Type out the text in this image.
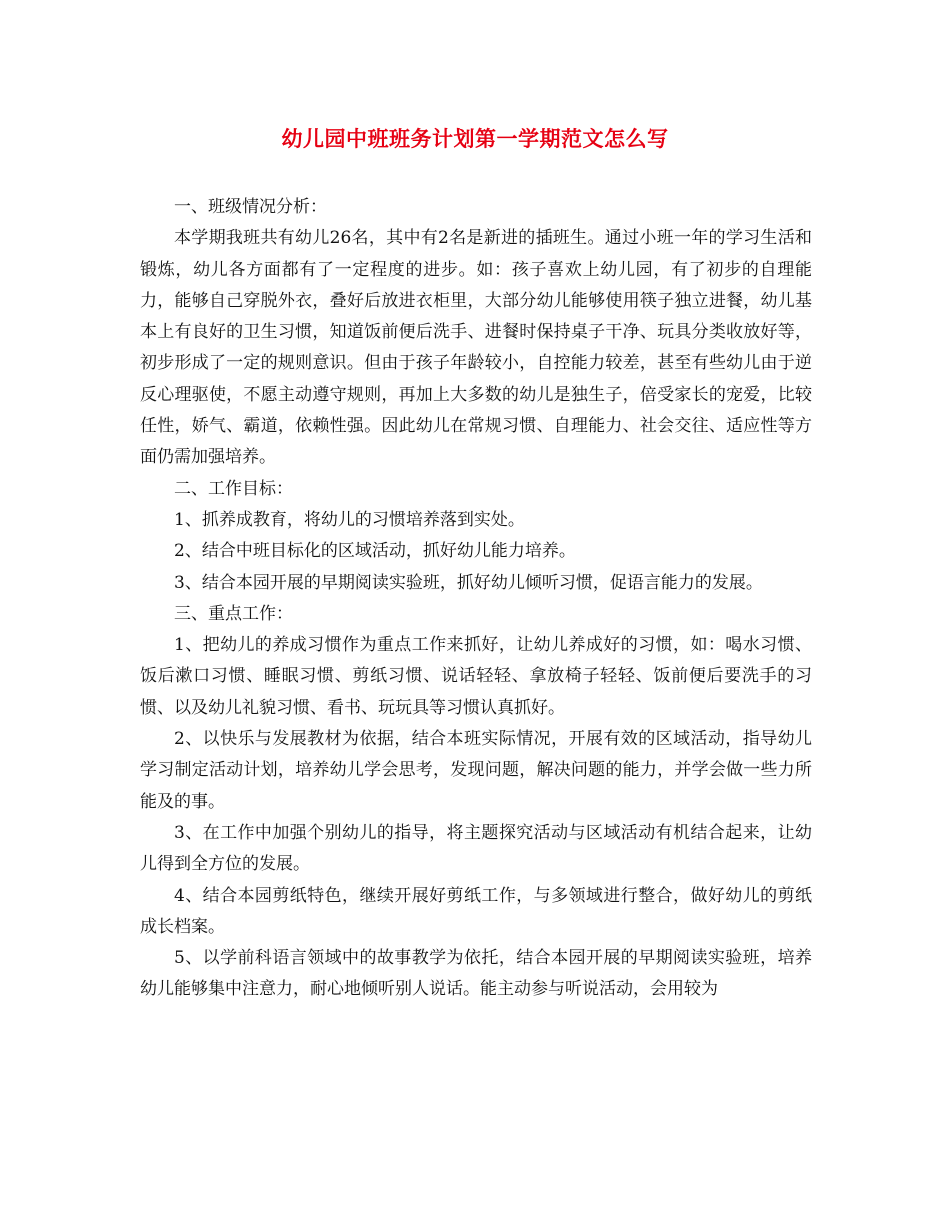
幼儿园中班班务计划第一学期范文怎么写

一、班级情况分析：

本学期我班共有幼儿26名，其中有2名是新进的插班生。通过小班一年的学习生活和锻炼，幼儿各方面都有了一定程度的进步。如：孩子喜欢上幼儿园，有了初步的自理能力，能够自己穿脱外衣，叠好后放进衣柜里，大部分幼儿能够使用筷子独立进餐，幼儿基本上有良好的卫生习惯，知道饭前便后洗手、进餐时保持桌子干净、玩具分类收放好等，初步形成了一定的规则意识。但由于孩子年龄较小，自控能力较差，甚至有些幼儿由于逆反心理驱使，不愿主动遵守规则，再加上大多数的幼儿是独生子，倍受家长的宠爱，比较任性，娇气、霸道，依赖性强。因此幼儿在常规习惯、自理能力、社会交往、适应性等方面仍需加强培养。

二、工作目标：

1、抓养成教育，将幼儿的习惯培养落到实处。

2、结合中班目标化的区域活动，抓好幼儿能力培养。

3、结合本园开展的早期阅读实验班，抓好幼儿倾听习惯，促语言能力的发展。

三、重点工作：

1、把幼儿的养成习惯作为重点工作来抓好，让幼儿养成好的习惯，如：喝水习惯、饭后漱口习惯、睡眠习惯、剪纸习惯、说话轻轻、拿放椅子轻轻、饭前便后要洗手的习惯、以及幼儿礼貌习惯、看书、玩玩具等习惯认真抓好。

2、以快乐与发展教材为依据，结合本班实际情况，开展有效的区域活动，指导幼儿学习制定活动计划，培养幼儿学会思考，发现问题，解决问题的能力，并学会做一些力所能及的事。

3、在工作中加强个别幼儿的指导，将主题探究活动与区域活动有机结合起来，让幼儿得到全方位的发展。

4、结合本园剪纸特色，继续开展好剪纸工作，与多领域进行整合，做好幼儿的剪纸成长档案。

5、以学前科语言领域中的故事教学为依托，结合本园开展的早期阅读实验班，培养幼儿能够集中注意力，耐心地倾听别人说话。能主动参与听说活动，会用较为
